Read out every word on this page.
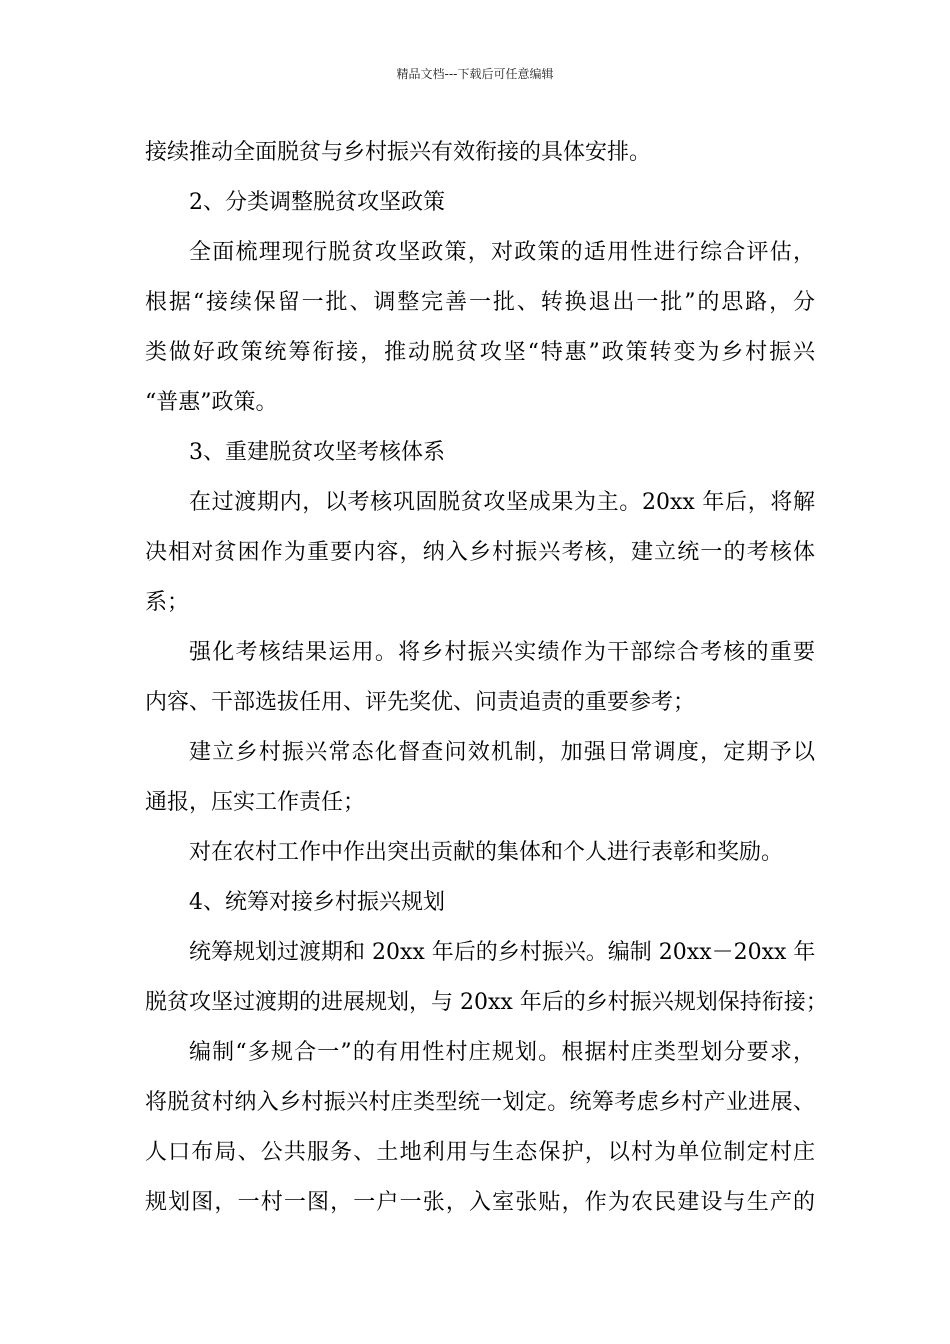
精品文档---下载后可任意编辑
接续推动全面脱贫与乡村振兴有效衔接的具体安排。
2、分类调整脱贫攻坚政策
全面梳理现行脱贫攻坚政策，对政策的适用性进行综合评估，
根据“接续保留一批、调整完善一批、转换退出一批”的思路，分
类做好政策统筹衔接，推动脱贫攻坚“特惠”政策转变为乡村振兴
“普惠”政策。
3、重建脱贫攻坚考核体系
在过渡期内，以考核巩固脱贫攻坚成果为主。20xx 年后，将解
决相对贫困作为重要内容，纳入乡村振兴考核，建立统一的考核体
系；
强化考核结果运用。将乡村振兴实绩作为干部综合考核的重要
内容、干部选拔任用、评先奖优、问责追责的重要参考；
建立乡村振兴常态化督查问效机制，加强日常调度，定期予以
通报，压实工作责任；
对在农村工作中作出突出贡献的集体和个人进行表彰和奖励。
4、统筹对接乡村振兴规划
统筹规划过渡期和 20xx 年后的乡村振兴。编制 20xx－20xx 年
脱贫攻坚过渡期的进展规划，与 20xx 年后的乡村振兴规划保持衔接；
编制“多规合一”的有用性村庄规划。根据村庄类型划分要求，
将脱贫村纳入乡村振兴村庄类型统一划定。统筹考虑乡村产业进展、
人口布局、公共服务、土地利用与生态保护，以村为单位制定村庄
规划图，一村一图，一户一张，入室张贴，作为农民建设与生产的
